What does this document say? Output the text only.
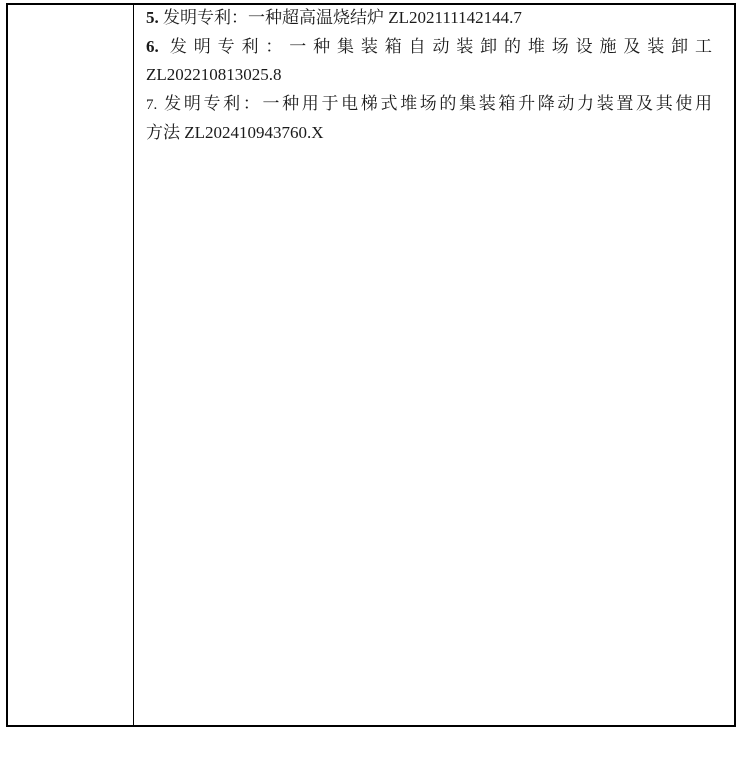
5. 发明专利：一种超高温烧结炉 ZL202111142144.7
6. 发明专利：一种集装箱自动装卸的堆场设施及装卸工
ZL202210813025.8
7. 发明专利：一种用于电梯式堆场的集装箱升降动力装置及其使用
方法 ZL202410943760.X
